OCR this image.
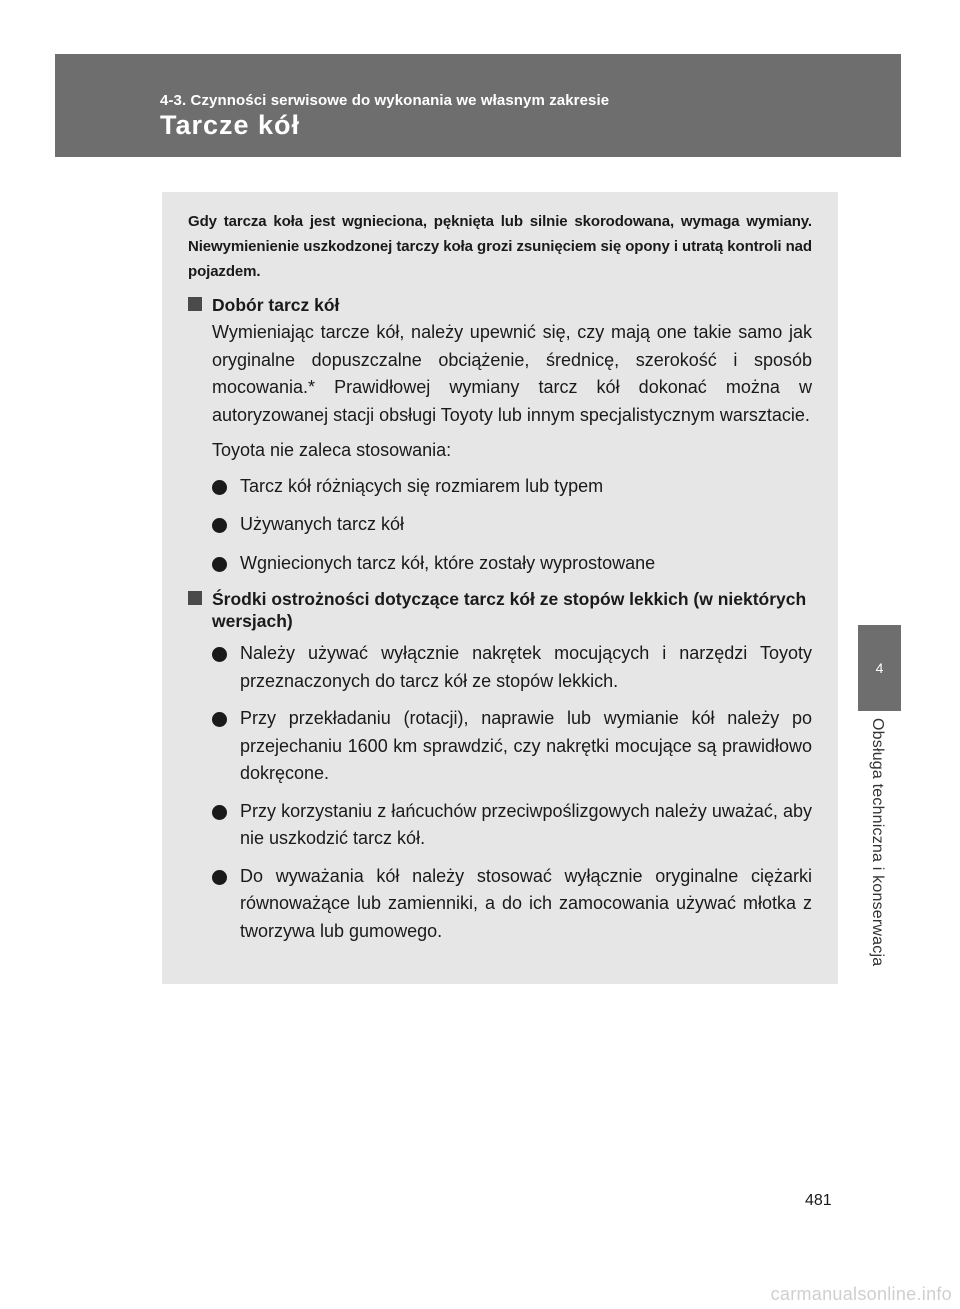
4-3. Czynności serwisowe do wykonania we własnym zakresie
Tarcze kół
4
Obsługa techniczna i konserwacja

Gdy tarcza koła jest wgnieciona, pęknięta lub silnie skorodowana, wymaga wymiany. Niewymienienie uszkodzonej tarczy koła grozi zsunięciem się opony i utratą kontroli nad pojazdem.

Dobór tarcz kół

Wymieniając tarcze kół, należy upewnić się, czy mają one takie samo jak oryginalne dopuszczalne obciążenie, średnicę, szerokość i sposób mocowania.* Prawidłowej wymiany tarcz kół dokonać można w autoryzowanej stacji obsługi Toyoty lub innym specjalistycznym warsztacie.

Toyota nie zaleca stosowania:

Tarcz kół różniących się rozmiarem lub typem
Używanych tarcz kół
Wgniecionych tarcz kół, które zostały wyprostowane
Środki ostrożności dotyczące tarcz kół ze stopów lekkich (w niektórych wersjach)
Należy używać wyłącznie nakrętek mocujących i narzędzi Toyoty przeznaczonych do tarcz kół ze stopów lekkich.
Przy przekładaniu (rotacji), naprawie lub wymianie kół należy po przejechaniu 1600 km sprawdzić, czy nakrętki mocujące są prawidłowo dokręcone.
Przy korzystaniu z łańcuchów przeciwpoślizgowych należy uważać, aby nie uszkodzić tarcz kół.
Do wyważania kół należy stosować wyłącznie oryginalne ciężarki równoważące lub zamienniki, a do ich zamocowania używać młotka z tworzywa lub gumowego.
481
carmanualsonline.info
